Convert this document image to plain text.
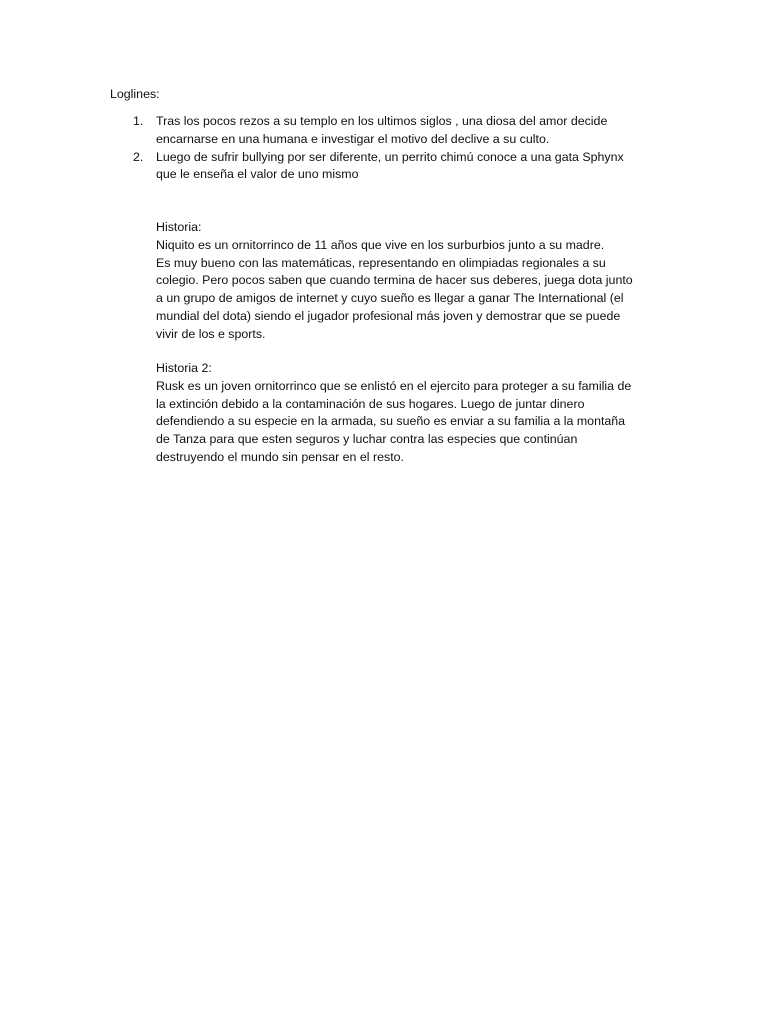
Loglines:
1. Tras los pocos rezos a su templo en los ultimos siglos , una diosa del amor decide
encarnarse en una humana e investigar el motivo del declive a su culto.
2. Luego de sufrir bullying por ser diferente, un perrito chimú conoce a una gata Sphynx
que le enseña el valor de uno mismo
Historia:
Niquito es un ornitorrinco de 11 años que vive en los surburbios junto a su madre.
Es muy bueno con las matemáticas, representando en olimpiadas regionales a su
colegio. Pero pocos saben que cuando termina de hacer sus deberes, juega dota junto
a un grupo de amigos de internet y cuyo sueño es llegar a ganar The International (el
mundial del dota) siendo el jugador profesional más joven y demostrar que se puede
vivir de los e sports.
Historia 2:
Rusk es un joven ornitorrinco que se enlistó en el ejercito para proteger a su familia de
la extinción debido a la contaminación de sus hogares. Luego de juntar dinero
defendiendo a su especie en la armada, su sueño es enviar a su familia a la montaña
de Tanza para que esten seguros y luchar contra las especies que continúan
destruyendo el mundo sin pensar en el resto.
